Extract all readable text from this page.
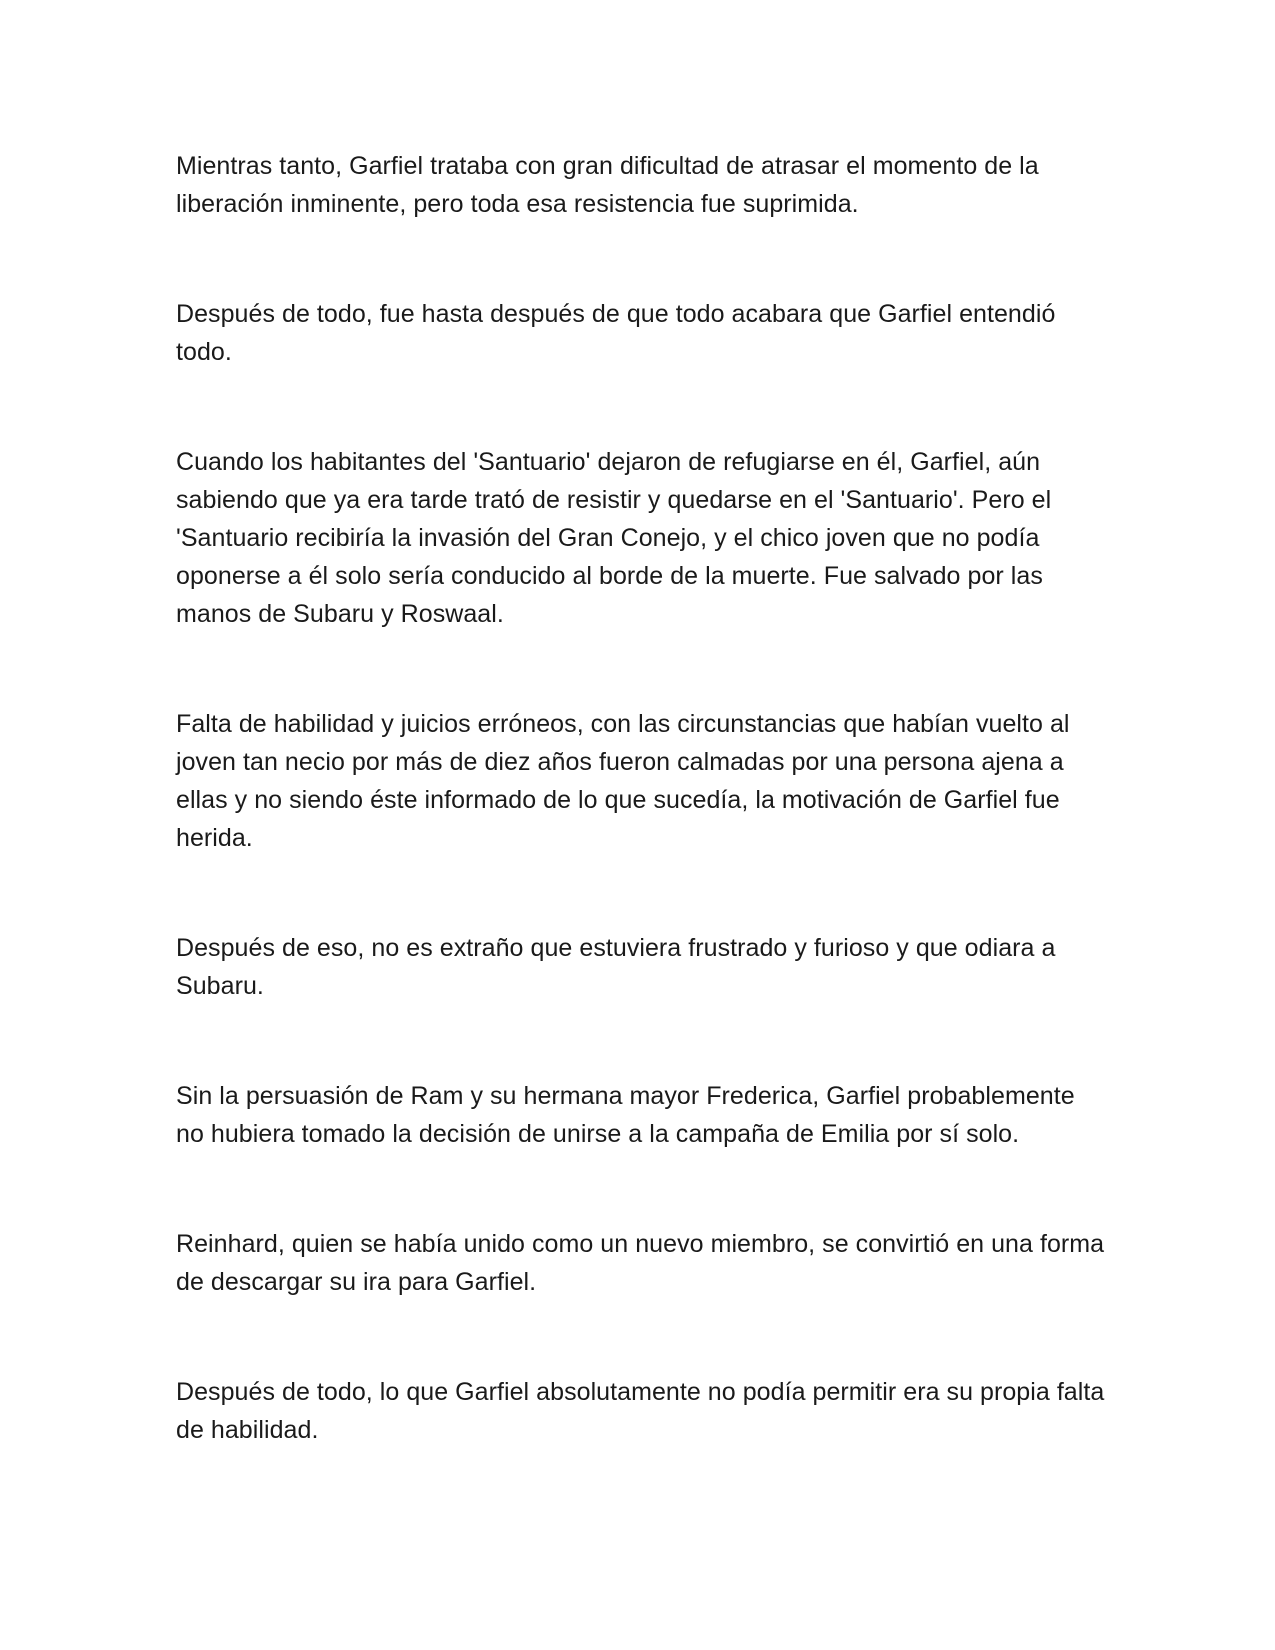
Mientras tanto, Garfiel trataba con gran dificultad de atrasar el momento de la liberación inminente, pero toda esa resistencia fue suprimida.

Después de todo, fue hasta después de que todo acabara que Garfiel entendió todo.

Cuando los habitantes del 'Santuario' dejaron de refugiarse en él, Garfiel, aún sabiendo que ya era tarde trató de resistir y quedarse en el 'Santuario'. Pero el 'Santuario recibiría la invasión del Gran Conejo, y el chico joven que no podía oponerse a él solo sería conducido al borde de la muerte. Fue salvado por las manos de Subaru y Roswaal.

Falta de habilidad y juicios erróneos, con las circunstancias que habían vuelto al joven tan necio por más de diez años fueron calmadas por una persona ajena a ellas y no siendo éste informado de lo que sucedía, la motivación de Garfiel fue herida.

Después de eso, no es extraño que estuviera frustrado y furioso y que odiara a Subaru.

Sin la persuasión de Ram y su hermana mayor Frederica, Garfiel probablemente no hubiera tomado la decisión de unirse a la campaña de Emilia por sí solo.

Reinhard, quien se había unido como un nuevo miembro, se convirtió en una forma de descargar su ira para Garfiel.

Después de todo, lo que Garfiel absolutamente no podía permitir era su propia falta de habilidad.
